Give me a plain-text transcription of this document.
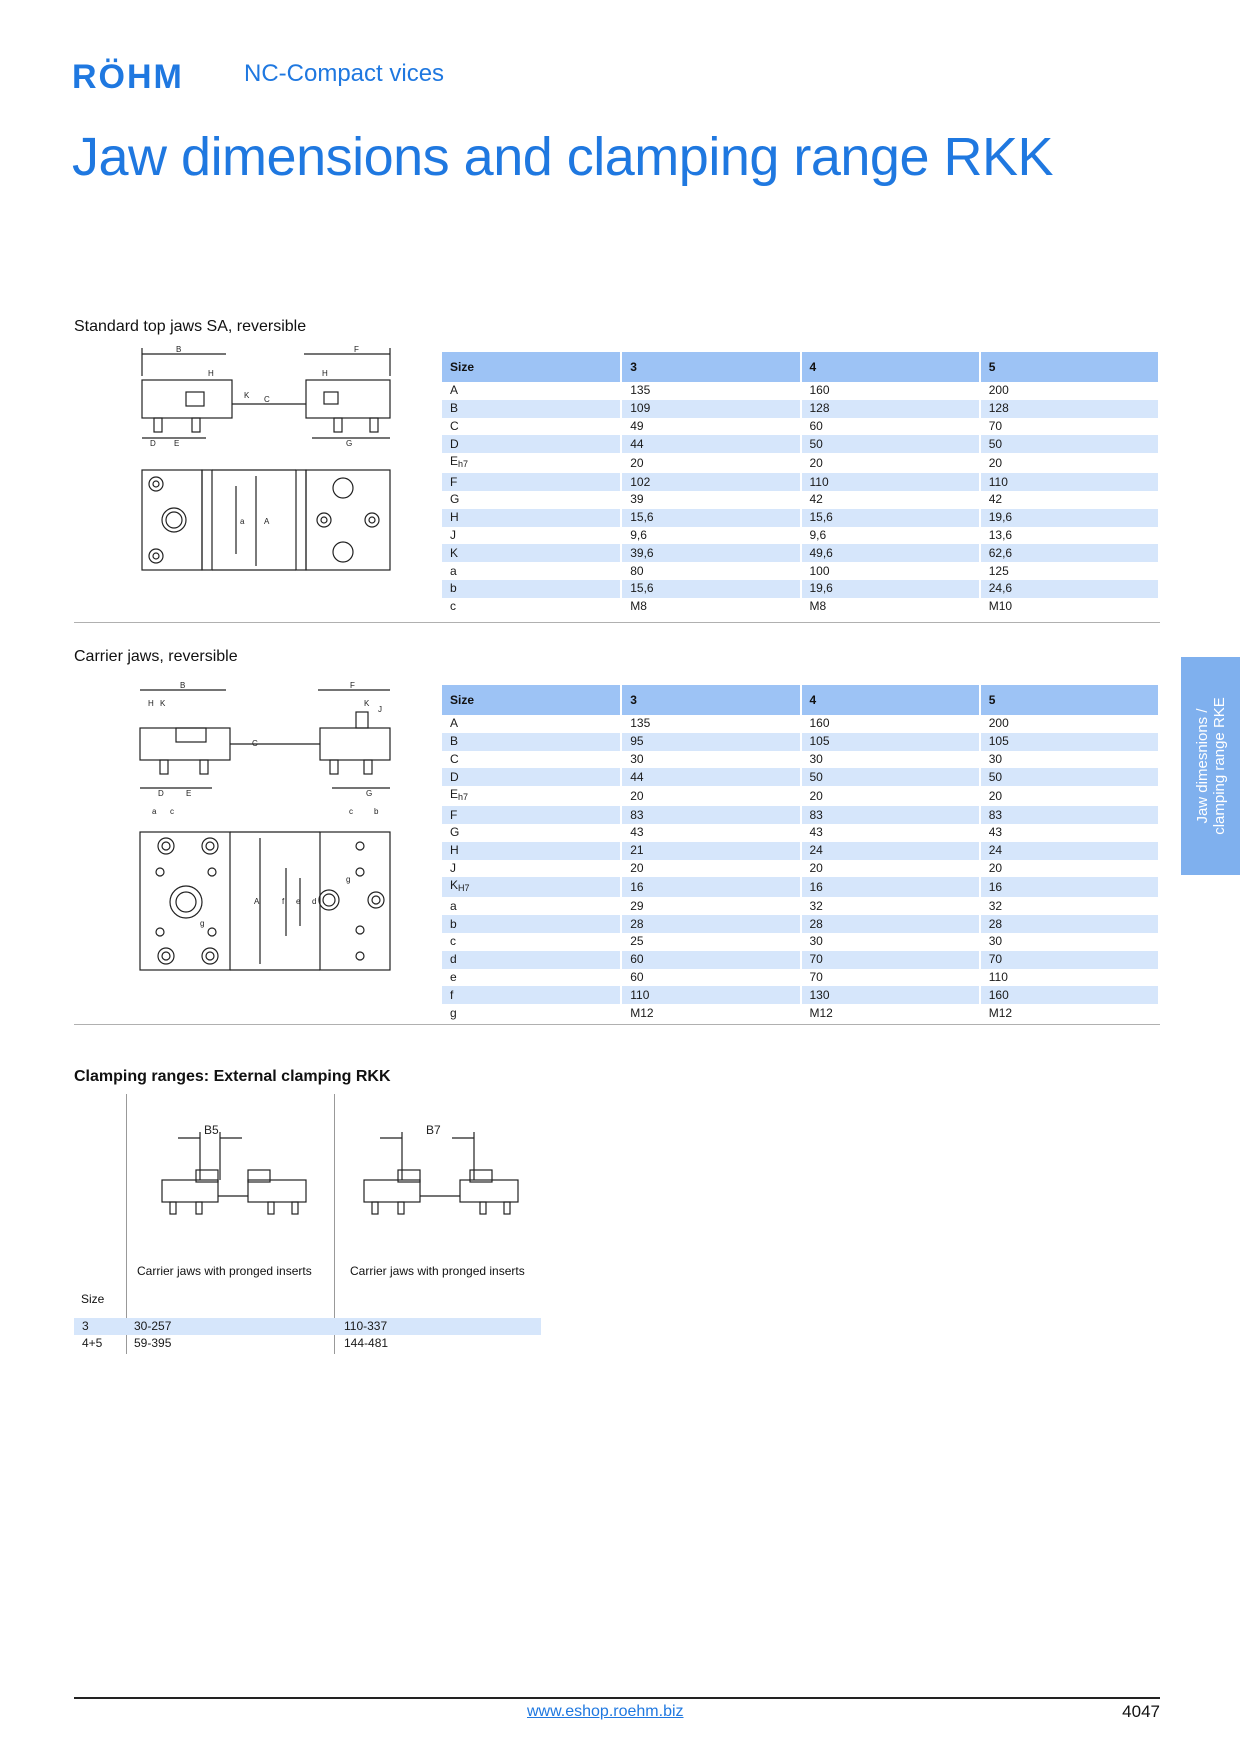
RÖHM	NC-Compact vices
Jaw dimensions and clamping range RKK
Standard top jaws SA, reversible
B	F
H	H
K C
D E	G
a A
Size	3	4	5
A	135	160	200
B	109	128	128
C	49	60	70
D	44	50	50
$E_{h7}$	20	20	20
F	102	110	110
G	39	42	42
H	15,6	15,6	19,6
J	9,6	9,6	13,6
K	39,6	49,6	62,6
a	80	100	125
b	15,6	19,6	24,6
c	M8	M8	M10
Carrier jaws, reversible
B	F
H K	K
J
C
D	E	G
a c	c	b
A	f e d
g
g
Size	3	4	5
A	135	160	200
B	95	105	105
C	30	30	30
D	44	50	50
$E_{h7}$	20	20	20
F	83	83	83
G	43	43	43
H	21	24	24
J	20	20	20
$K_{H7}$	16	16	16
a	29	32	32
b	28	28	28
c	25	30	30
d	60	70	70
e	60	70	110
f	110	130	160
g	M12	M12	M12
Jaw dimesnions / clamping range RKE
Clamping ranges: External clamping RKK
B5	B7
Carrier jaws with pronged inserts	Carrier jaws with pronged inserts
Size
3	30-257	110-337
4+5	59-395	144-481
www.eshop.roehm.biz	4047
